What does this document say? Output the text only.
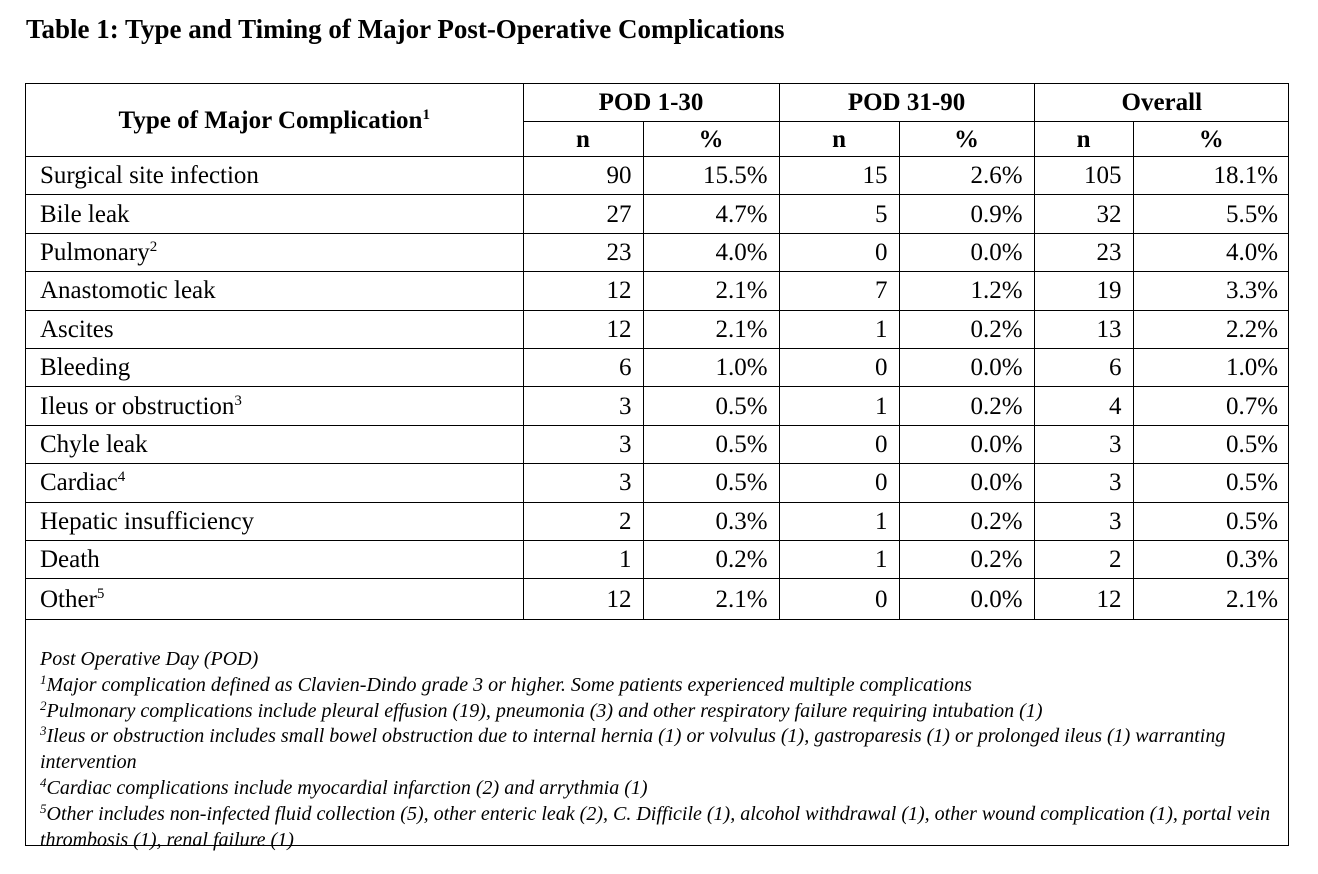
Table 1: Type and Timing of Major Post-Operative Complications
Type of Major Complication$^1$	POD 1-30		POD 31-90		Overall	
	n	%	n	%	n	%
Surgical site infection	90	15.5%	15	2.6%	105	18.1%
Bile leak	27	4.7%	5	0.9%	32	5.5%
Pulmonary$^2$	23	4.0%	0	0.0%	23	4.0%
Anastomotic leak	12	2.1%	7	1.2%	19	3.3%
Ascites	12	2.1%	1	0.2%	13	2.2%
Bleeding	6	1.0%	0	0.0%	6	1.0%
Ileus or obstruction$^3$	3	0.5%	1	0.2%	4	0.7%
Chyle leak	3	0.5%	0	0.0%	3	0.5%
Cardiac$^4$	3	0.5%	0	0.0%	3	0.5%
Hepatic insufficiency	2	0.3%	1	0.2%	3	0.5%
Death	1	0.2%	1	0.2%	2	0.3%
Other$^5$	12	2.1%	0	0.0%	12	2.1%

Post Operative Day (POD)

$^1$Major complication defined as Clavien-Dindo grade 3 or higher. Some patients experienced multiple complications

$^2$Pulmonary complications include pleural effusion (19), pneumonia (3) and other respiratory failure requiring intubation (1)

$^3$Ileus or obstruction includes small bowel obstruction due to internal hernia (1) or volvulus (1), gastroparesis (1) or prolonged ileus (1) warranting intervention

$^4$Cardiac complications include myocardial infarction (2) and arrythmia (1)

$^5$Other includes non-infected fluid collection (5), other enteric leak (2), C. Difficile (1), alcohol withdrawal (1), other wound complication (1), portal vein thrombosis (1), renal failure (1)
